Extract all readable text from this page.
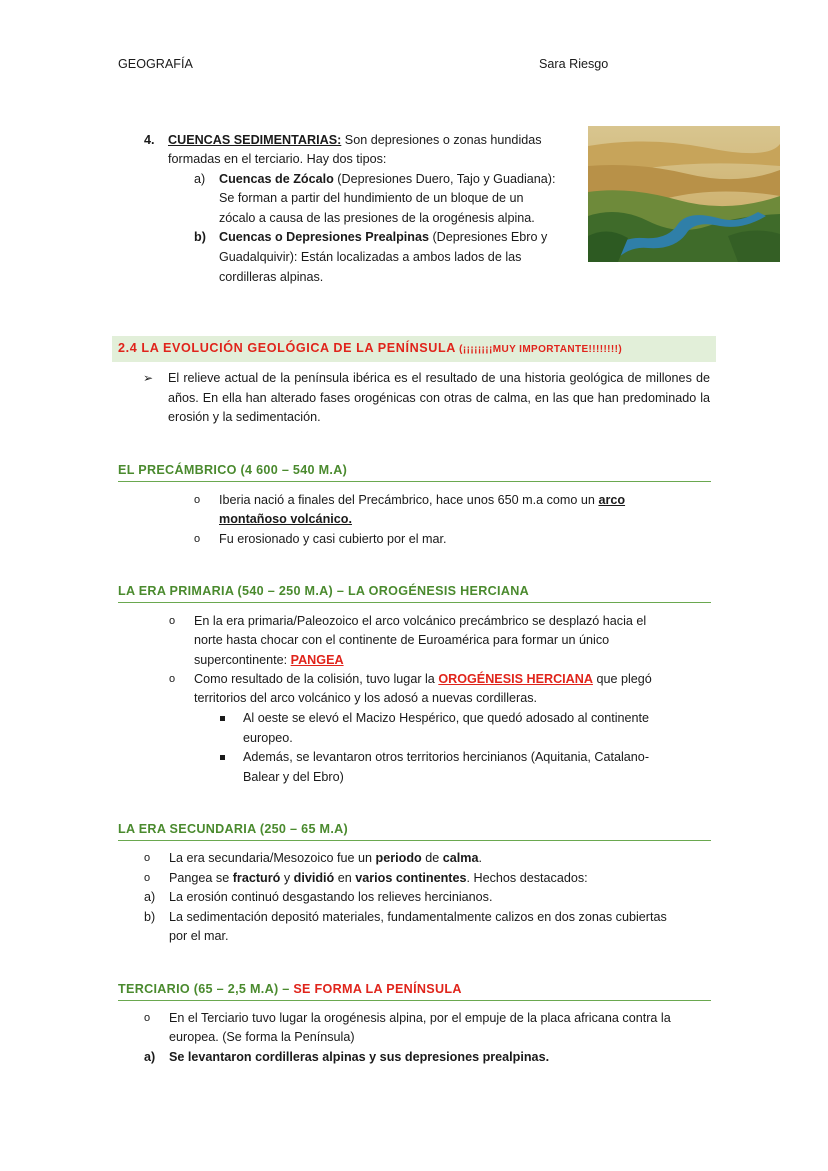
GEOGRAFÍA	Sara Riesgo
4. CUENCAS SEDIMENTARIAS: Son depresiones o zonas hundidas
formadas en el terciario. Hay dos tipos:
a) Cuencas de Zócalo (Depresiones Duero, Tajo y Guadiana):
Se forman a partir del hundimiento de un bloque de un
zócalo a causa de las presiones de la orogénesis alpina.
b) Cuencas o Depresiones Prealpinas (Depresiones Ebro y
Guadalquivir): Están localizadas a ambos lados de las
cordilleras alpinas.
2.4 LA EVOLUCIÓN GEOLÓGICA DE LA PENÍNSULA (¡¡¡¡¡¡¡¡MUY IMPORTANTE!!!!!!!!)
➢ El relieve actual de la península ibérica es el resultado de una historia geológica de millones de años. En ella han alterado fases orogénicas con otras de calma, en las que han predominado la erosión y la sedimentación.
EL PRECÁMBRICO (4 600 – 540 M.A)
o Iberia nació a finales del Precámbrico, hace unos 650 m.a como un arco
montañoso volcánico.
o Fu erosionado y casi cubierto por el mar.
LA ERA PRIMARIA (540 – 250 M.A) – LA OROGÉNESIS HERCIANA
o En la era primaria/Paleozoico el arco volcánico precámbrico se desplazó hacia el
norte hasta chocar con el continente de Euroamérica para formar un único
supercontinente: PANGEA
o Como resultado de la colisión, tuvo lugar la OROGÉNESIS HERCIANA que plegó
territorios del arco volcánico y los adosó a nuevas cordilleras.
Al oeste se elevó el Macizo Hespérico, que quedó adosado al continente
europeo.
Además, se levantaron otros territorios hercinianos (Aquitania, Catalano-
Balear y del Ebro)
LA ERA SECUNDARIA (250 – 65 M.A)
o La era secundaria/Mesozoico fue un periodo de calma.
o Pangea se fracturó y dividió en varios continentes. Hechos destacados:
a) La erosión continuó desgastando los relieves hercinianos.
b) La sedimentación depositó materiales, fundamentalmente calizos en dos zonas cubiertas
por el mar.
TERCIARIO (65 – 2,5 M.A) – SE FORMA LA PENÍNSULA
o En el Terciario tuvo lugar la orogénesis alpina, por el empuje de la placa africana contra la
europea. (Se forma la Península)
a) Se levantaron cordilleras alpinas y sus depresiones prealpinas.
